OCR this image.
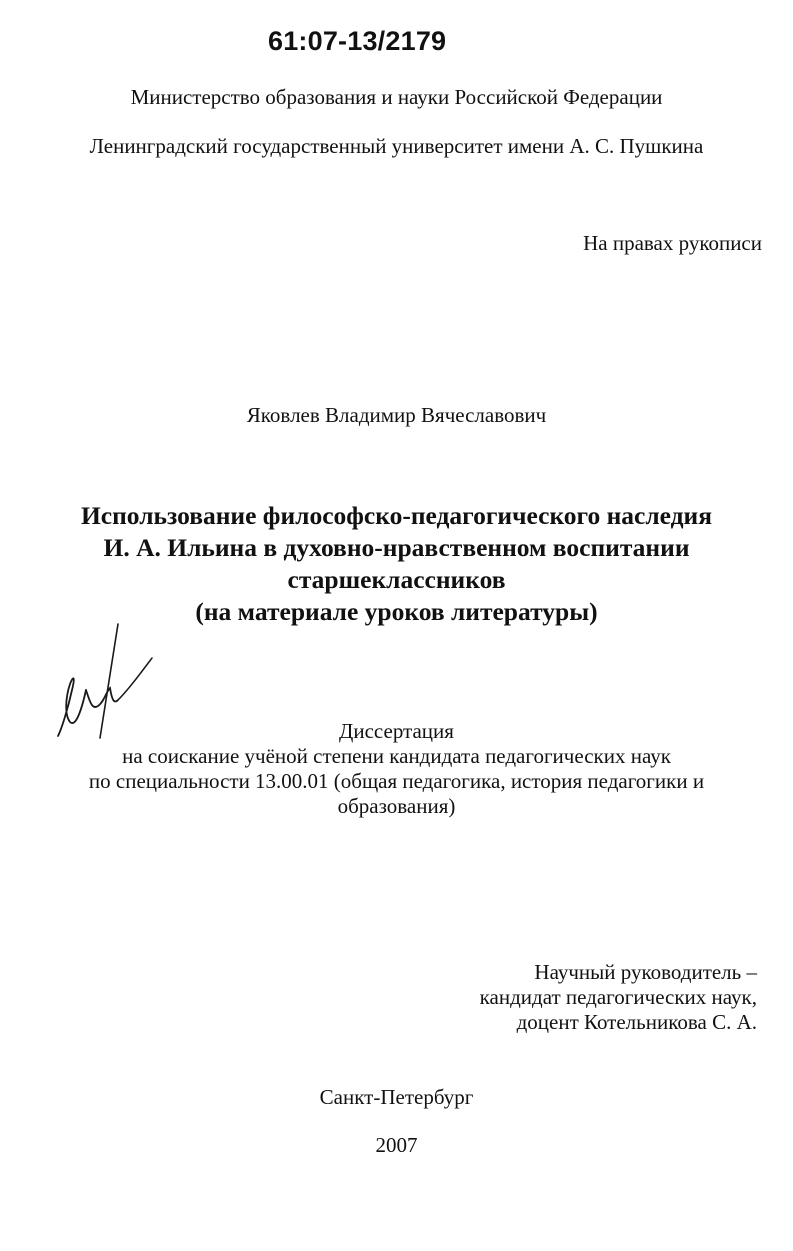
61:07-13/2179
Министерство образования и науки Российской Федерации
Ленинградский государственный университет имени А. С. Пушкина
На правах рукописи
Яковлев Владимир Вячеславович
Использование философско-педагогического наследия
И. А. Ильина в духовно-нравственном воспитании
старшеклассников
(на материале уроков литературы)
Диссертация
на соискание учёной степени кандидата педагогических наук
по специальности 13.00.01 (общая педагогика, история педагогики и
образования)
Научный руководитель –
кандидат педагогических наук,
доцент Котельникова С. А.
Санкт-Петербург
2007
